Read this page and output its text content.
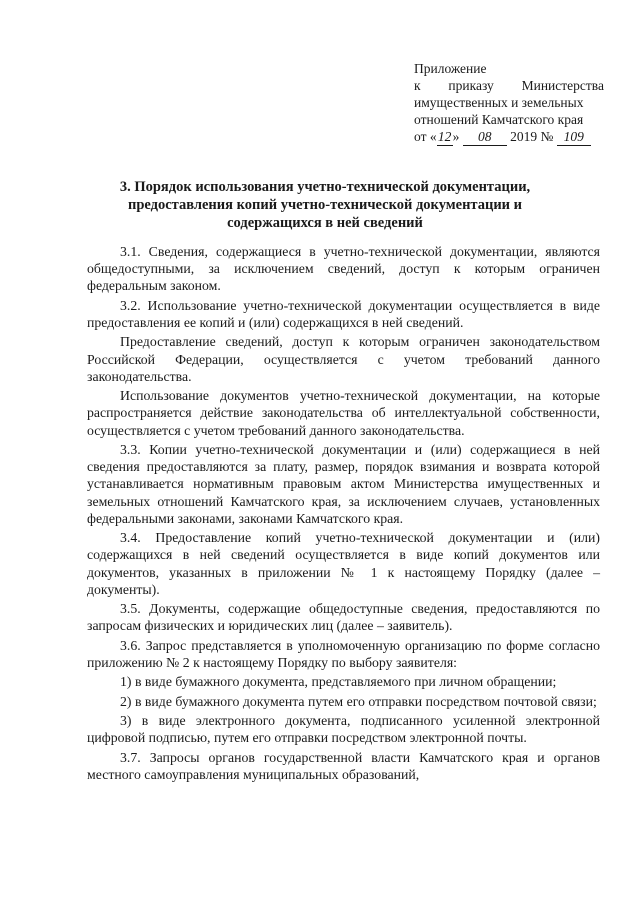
Приложение
к приказу Министерства
имущественных и земельных
отношений Камчатского края
от «12» 08 2019 № 109
3. Порядок использования учетно-технической документации, предоставления копий учетно-технической документации и содержащихся в ней сведений

3.1. Сведения, содержащиеся в учетно-технической документации, являются общедоступными, за исключением сведений, доступ к которым ограничен федеральным законом.

3.2. Использование учетно-технической документации осуществляется в виде предоставления ее копий и (или) содержащихся в ней сведений.

Предоставление сведений, доступ к которым ограничен законодательством Российской Федерации, осуществляется с учетом требований данного законодательства.

Использование документов учетно-технической документации, на которые распространяется действие законодательства об интеллектуальной собственности, осуществляется с учетом требований данного законодательства.

3.3. Копии учетно-технической документации и (или) содержащиеся в ней сведения предоставляются за плату, размер, порядок взимания и возврата которой устанавливается нормативным правовым актом Министерства имущественных и земельных отношений Камчатского края, за исключением случаев, установленных федеральными законами, законами Камчатского края.

3.4. Предоставление копий учетно-технической документации и (или) содержащихся в ней сведений осуществляется в виде копий документов или документов, указанных в приложении № 1 к настоящему Порядку (далее – документы).

3.5. Документы, содержащие общедоступные сведения, предоставляются по запросам физических и юридических лиц (далее – заявитель).

3.6. Запрос представляется в уполномоченную организацию по форме согласно приложению № 2 к настоящему Порядку по выбору заявителя:

1) в виде бумажного документа, представляемого при личном обращении;

2) в виде бумажного документа путем его отправки посредством почтовой связи;

3) в виде электронного документа, подписанного усиленной электронной цифровой подписью, путем его отправки посредством электронной почты.

3.7. Запросы органов государственной власти Камчатского края и органов местного самоуправления муниципальных образований,
